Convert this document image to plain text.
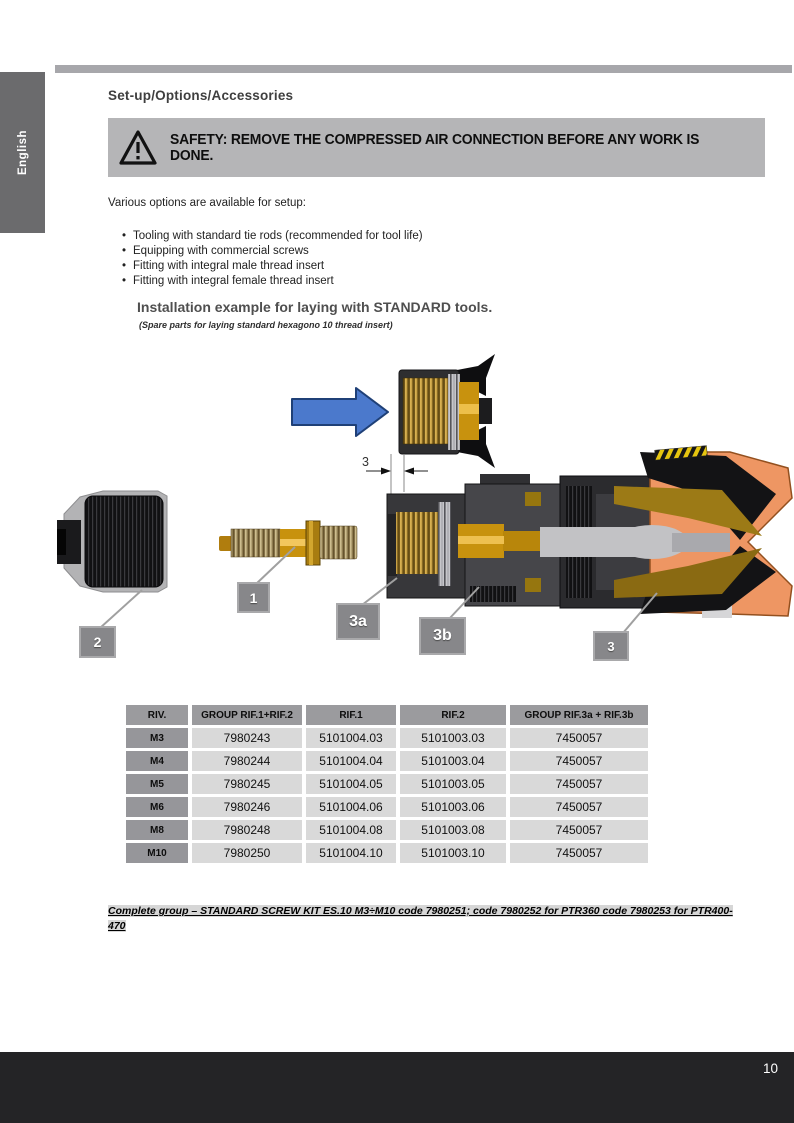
English
Set-up/Options/Accessories
SAFETY: REMOVE THE COMPRESSED AIR CONNECTION BEFORE ANY WORK IS DONE.
Various options are available for setup:
• Tooling with standard tie rods (recommended for tool life)
• Equipping with commercial screws
• Fitting with integral male thread insert
• Fitting with integral female thread insert
Installation example for laying with STANDARD tools.
(Spare parts for laying standard hexagono 10 thread insert)
3
1
2
3a
3b
3
RIV.	GROUP RIF.1+RIF.2	RIF.1	RIF.2	GROUP RIF.3a + RIF.3b
M3	7980243	5101004.03	5101003.03	7450057
M4	7980244	5101004.04	5101003.04	7450057
M5	7980245	5101004.05	5101003.05	7450057
M6	7980246	5101004.06	5101003.06	7450057
M8	7980248	5101004.08	5101003.08	7450057
M10	7980250	5101004.10	5101003.10	7450057
Complete group – STANDARD SCREW KIT ES.10 M3÷M10 code 7980251; code 7980252 for PTR360 code 7980253 for PTR400-470
10
